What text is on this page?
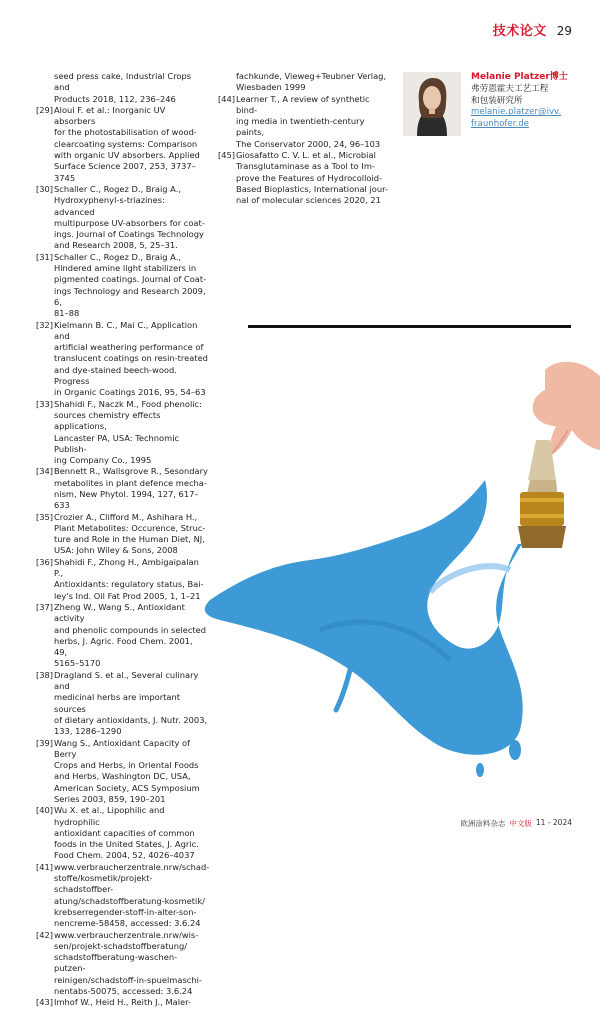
技术论文 29
seed press cake, Industrial Crops and
Products 2018, 112, 236–246
[29] Aloui F. et al.: Inorganic UV absorbers
for the photostabilisation of wood-
clearcoating systems: Comparison
with organic UV absorbers. Applied
Surface Science 2007, 253, 3737–3745
[30] Schaller C., Rogez D., Braig A.,
Hydroxyphenyl-s-triazines: advanced
multipurpose UV-absorbers for coat-
ings. Journal of Coatings Technology
and Research 2008, 5, 25–31.
[31] Schaller C., Rogez D., Braig A.,
Hindered amine light stabilizers in
pigmented coatings. Journal of Coat-
ings Technology and Research 2009, 6,
81–88
[32] Kielmann B. C., Mai C., Application and
artificial weathering performance of
translucent coatings on resin-treated
and dye-stained beech-wood. Progress
in Organic Coatings 2016, 95, 54–63
[33] Shahidi F., Naczk M., Food phenolic:
sources chemistry effects applications,
Lancaster PA, USA: Technomic Publish-
ing Company Co., 1995
[34] Bennett R., Wallsgrove R., Sesondary
metabolites in plant defence mecha-
nism, New Phytol. 1994, 127, 617–633
[35] Crozier A., Clifford M., Ashihara H.,
Plant Metabolites: Occurence, Struc-
ture and Role in the Human Diet, NJ,
USA: John Wiley & Sons, 2008
[36] Shahidi F., Zhong H., Ambigaipalan P.,
Antioxidants: regulatory status, Bai-
ley's Ind. Oil Fat Prod 2005, 1, 1–21
[37] Zheng W., Wang S., Antioxidant activity
and phenolic compounds in selected
herbs, J. Agric. Food Chem. 2001, 49,
5165–5170
[38] Dragland S. et al., Several culinary and
medicinal herbs are important sources
of dietary antioxidants, J. Nutr. 2003,
133, 1286–1290
[39] Wang S., Antioxidant Capacity of Berry
Crops and Herbs, in Oriental Foods
and Herbs, Washington DC, USA,
American Society, ACS Symposium
Series 2003, 859, 190–201
[40] Wu X. et al., Lipophilic and hydrophilic
antioxidant capacities of common
foods in the United States, J. Agric.
Food Chem. 2004, 52, 4026–4037
[41] www.verbraucherzentrale.nrw/schad-
stoffe/kosmetik/projekt-schadstoffber-
atung/schadstoffberatung-kosmetik/
krebserregender-stoff-in-alter-son-
nencreme-58458, accessed: 3.6.24
[42] www.verbraucherzentrale.nrw/wis-
sen/projekt-schadstoffberatung/
schadstoffberatung-waschen-putzen-
reinigen/schadstoff-in-spuelmaschi-
nentabs-50075, accessed: 3.6.24
[43] Imhof W., Heid H., Reith J., Maler-
fachkunde, Vieweg+Teubner Verlag,
Wiesbaden 1999
[44] Learner T., A review of synthetic bind-
ing media in twentieth-century paints,
The Conservator 2000, 24, 96–103
[45] Giosafatto C. V. L. et al., Microbial
Transglutaminase as a Tool to Im-
prove the Features of Hydrocolloid-
Based Bioplastics, International jour-
nal of molecular sciences 2020, 21
Melanie Platzer博士
弗劳恩霍夫工艺工程
和包装研究所
melanie.platzer@ivv.
fraunhofer.de
欧洲涂料杂志 中文版 11 - 2024
